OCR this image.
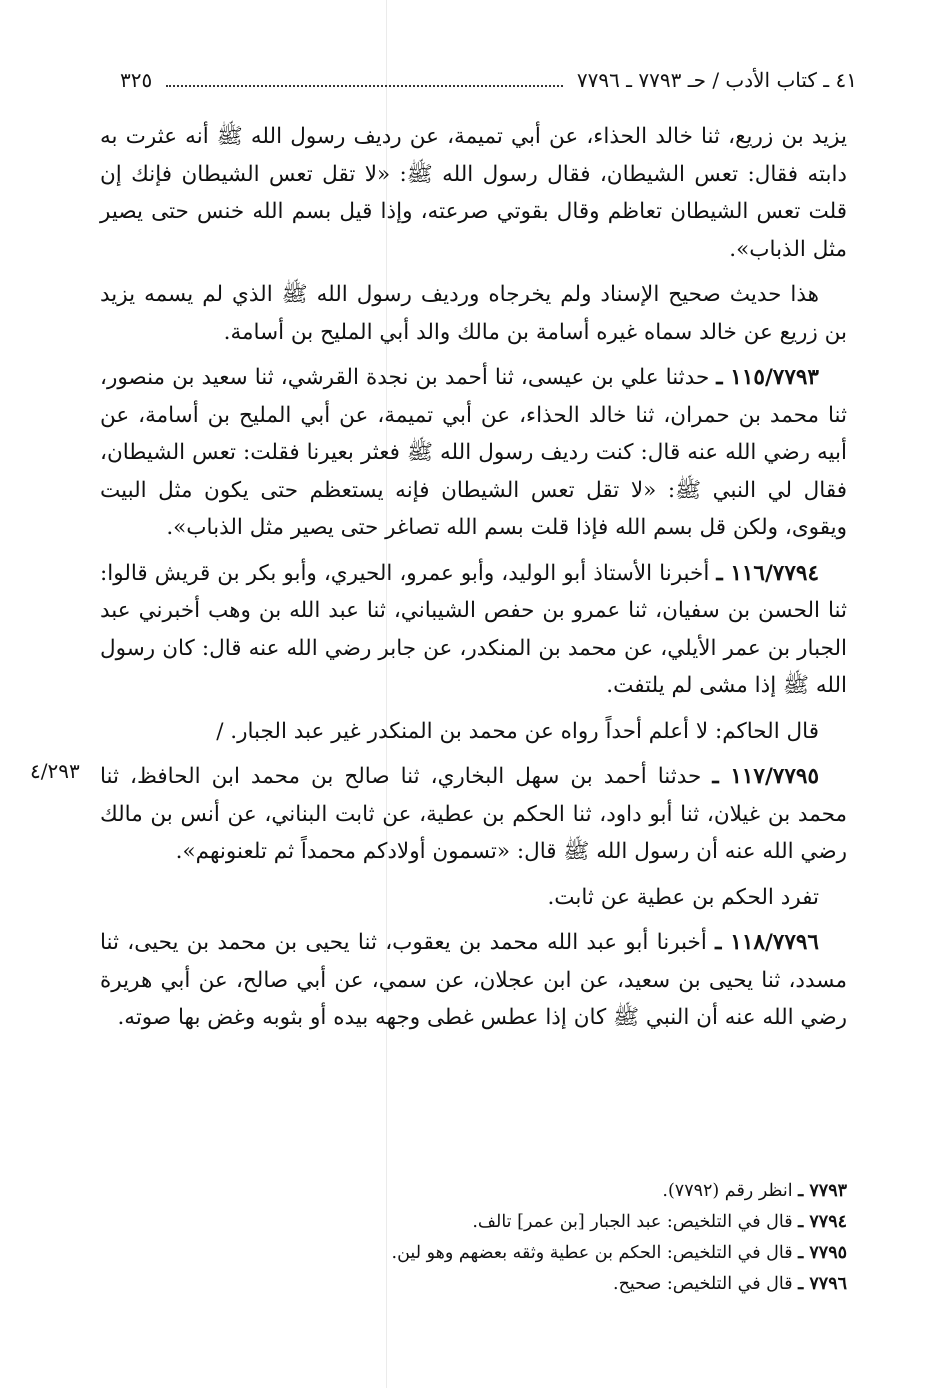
٤١ ـ كتاب الأدب / حـ ٧٧٩٣ ـ ٧٧٩٦
٣٢٥

يزيد بن زريع، ثنا خالد الحذاء، عن أبي تميمة، عن رديف رسول الله ﷺ أنه عثرت به دابته فقال: تعس الشيطان، فقال رسول الله ﷺ: «لا تقل تعس الشيطان فإنك إن قلت تعس الشيطان تعاظم وقال بقوتي صرعته، وإذا قيل بسم الله خنس حتى يصير مثل الذباب».

هذا حديث صحيح الإسناد ولم يخرجاه ورديف رسول الله ﷺ الذي لم يسمه يزيد بن زريع عن خالد سماه غيره أسامة بن مالك والد أبي المليح بن أسامة.

١١٥/٧٧٩٣ ـ حدثنا علي بن عيسى، ثنا أحمد بن نجدة القرشي، ثنا سعيد بن منصور، ثنا محمد بن حمران، ثنا خالد الحذاء، عن أبي تميمة، عن أبي المليح بن أسامة، عن أبيه رضي الله عنه قال: كنت رديف رسول الله ﷺ فعثر بعيرنا فقلت: تعس الشيطان، فقال لي النبي ﷺ: «لا تقل تعس الشيطان فإنه يستعظم حتى يكون مثل البيت ويقوى، ولكن قل بسم الله فإذا قلت بسم الله تصاغر حتى يصير مثل الذباب».

١١٦/٧٧٩٤ ـ أخبرنا الأستاذ أبو الوليد، وأبو عمرو، الحيري، وأبو بكر بن قريش قالوا: ثنا الحسن بن سفيان، ثنا عمرو بن حفص الشيباني، ثنا عبد الله بن وهب أخبرني عبد الجبار بن عمر الأيلي، عن محمد بن المنكدر، عن جابر رضي الله عنه قال: كان رسول الله ﷺ إذا مشى لم يلتفت.

قال الحاكم: لا أعلم أحداً رواه عن محمد بن المنكدر غير عبد الجبار. /

١١٧/٧٧٩٥ ـ حدثنا أحمد بن سهل البخاري، ثنا صالح بن محمد ابن الحافظ، ثنا محمد بن غيلان، ثنا أبو داود، ثنا الحكم بن عطية، عن ثابت البناني، عن أنس بن مالك رضي الله عنه أن رسول الله ﷺ قال: «تسمون أولادكم محمداً ثم تلعنونهم».

تفرد الحكم بن عطية عن ثابت.

١١٨/٧٧٩٦ ـ أخبرنا أبو عبد الله محمد بن يعقوب، ثنا يحيى بن محمد بن يحيى، ثنا مسدد، ثنا يحيى بن سعيد، عن ابن عجلان، عن سمي، عن أبي صالح، عن أبي هريرة رضي الله عنه أن النبي ﷺ كان إذا عطس غطى وجهه بيده أو بثوبه وغض بها صوته.

٤/٢٩٣

٧٧٩٣ ـ انظر رقم (٧٧٩٢).

٧٧٩٤ ـ قال في التلخيص: عبد الجبار [بن عمر] تالف.

٧٧٩٥ ـ قال في التلخيص: الحكم بن عطية وثقه بعضهم وهو لين.

٧٧٩٦ ـ قال في التلخيص: صحيح.
